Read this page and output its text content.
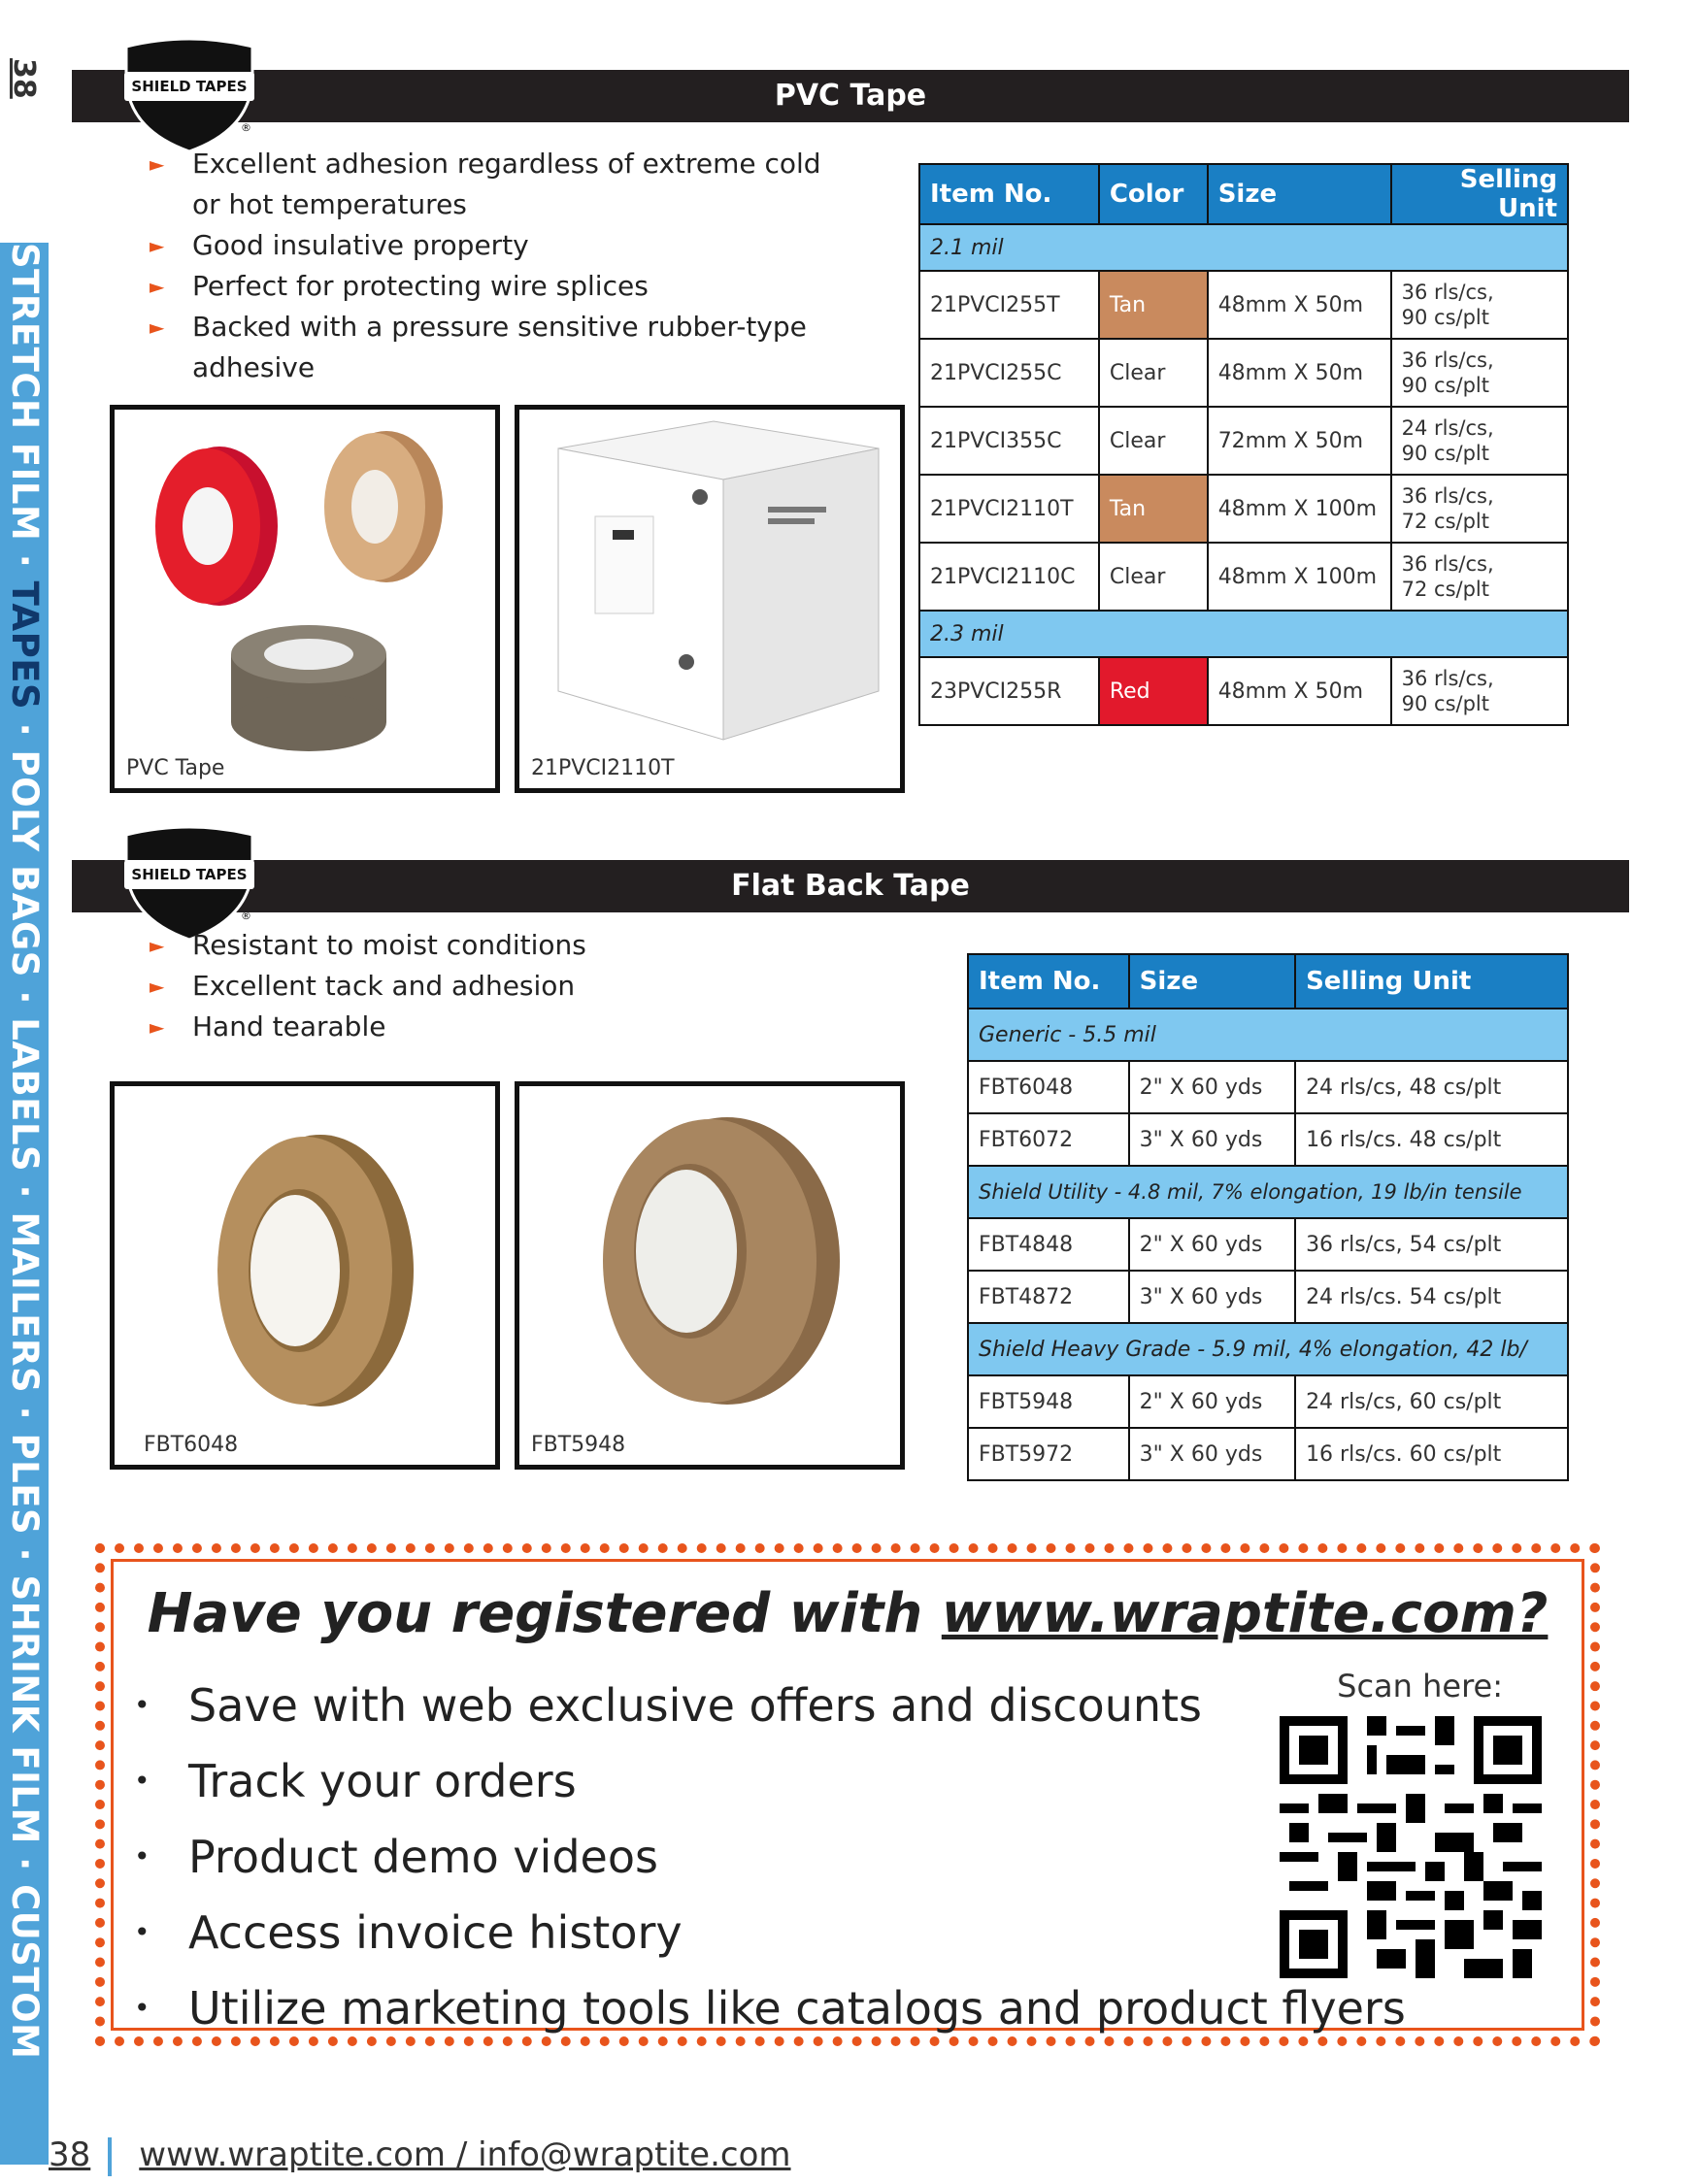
38
STRETCH FILM · TAPES · POLY BAGS · LABELS · MAILERS · PLES · SHRINK FILM · CUSTOM
PVC Tape
®
SHIELD TAPES
► Excellent adhesion regardless of extreme cold or hot temperatures
► Good insulative property
► Perfect for protecting wire splices
► Backed with a pressure sensitive rubber-type adhesive
PVC Tape	21PVCI2110T
Item No.	Color	Size	Selling Unit
2.1 mil			
21PVCI255T	Tan	48mm X 50m	36 rls/cs,
90 cs/plt
21PVCI255C	Clear	48mm X 50m	36 rls/cs,
90 cs/plt
21PVCI355C	Clear	72mm X 50m	24 rls/cs,
90 cs/plt
21PVCI2110T	Tan	48mm X 100m	36 rls/cs,
72 cs/plt
21PVCI2110C	Clear	48mm X 100m	36 rls/cs,
72 cs/plt
2.3 mil			
23PVCI255R	Red	48mm X 50m	36 rls/cs,
90 cs/plt
Flat Back Tape
®
SHIELD TAPES
► Resistant to moist conditions
► Excellent tack and adhesion
► Hand tearable
FBT6048	FBT5948
Item No.	Size	Selling Unit
Generic - 5.5 mil		
FBT6048	2" X 60 yds	24 rls/cs, 48 cs/plt
FBT6072	3" X 60 yds	16 rls/cs. 48 cs/plt
Shield Utility - 4.8 mil, 7% elongation, 19 lb/in tensile		
FBT4848	2" X 60 yds	36 rls/cs, 54 cs/plt
FBT4872	3" X 60 yds	24 rls/cs. 54 cs/plt
Shield Heavy Grade - 5.9 mil, 4% elongation, 42 lb/		
FBT5948	2" X 60 yds	24 rls/cs, 60 cs/plt
FBT5972	3" X 60 yds	16 rls/cs. 60 cs/plt
Have you registered with www.wraptite.com?
• Save with web exclusive offers and discounts
• Track your orders
• Product demo videos
• Access invoice history
• Utilize marketing tools like catalogs and product flyers
Scan here:
38 www.wraptite.com / info@wraptite.com
